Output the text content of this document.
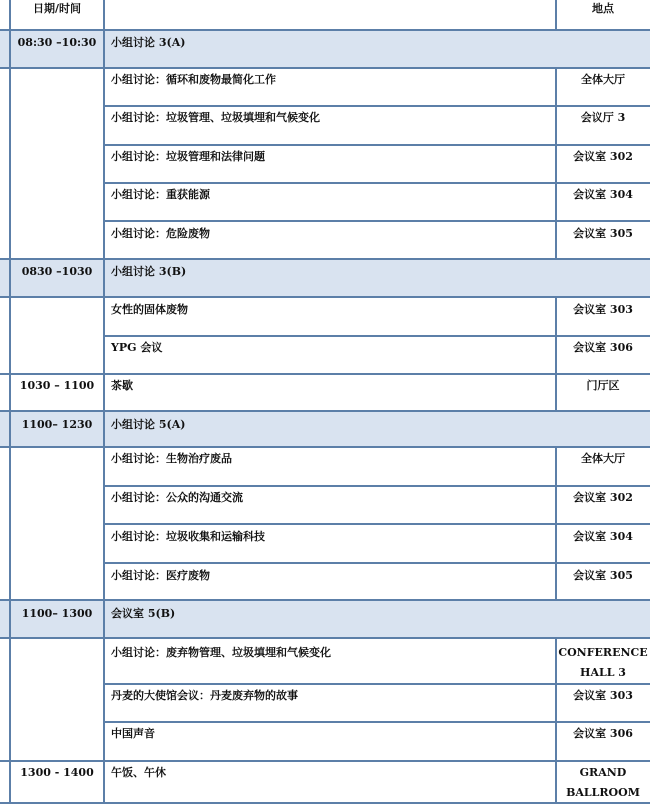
日期/时间	地点
08:30 –10:30	小组讨论 3(A)
小组讨论：循环和废物最简化工作	全体大厅
小组讨论：垃圾管理、垃圾填埋和气候变化	会议厅 3
小组讨论：垃圾管理和法律问题	会议室 302
小组讨论：重获能源	会议室 304
小组讨论：危险废物	会议室 305
0830 –1030	小组讨论 3(B)
女性的固体废物	会议室 303
YPG 会议	会议室 306
1030 – 1100	茶歇	门厅区
1100– 1230	小组讨论 5(A)
小组讨论：生物治疗废品	全体大厅
小组讨论：公众的沟通交流	会议室 302
小组讨论：垃圾收集和运输科技	会议室 304
小组讨论：医疗废物	会议室 305
1100– 1300	会议室 5(B)
小组讨论：废弃物管理、垃圾填埋和气候变化	CONFERENCE
HALL 3
丹麦的大使馆会议：丹麦废弃物的故事	会议室 303
中国声音	会议室 306
1300 - 1400	午饭、午休	GRAND
BALLROOM
